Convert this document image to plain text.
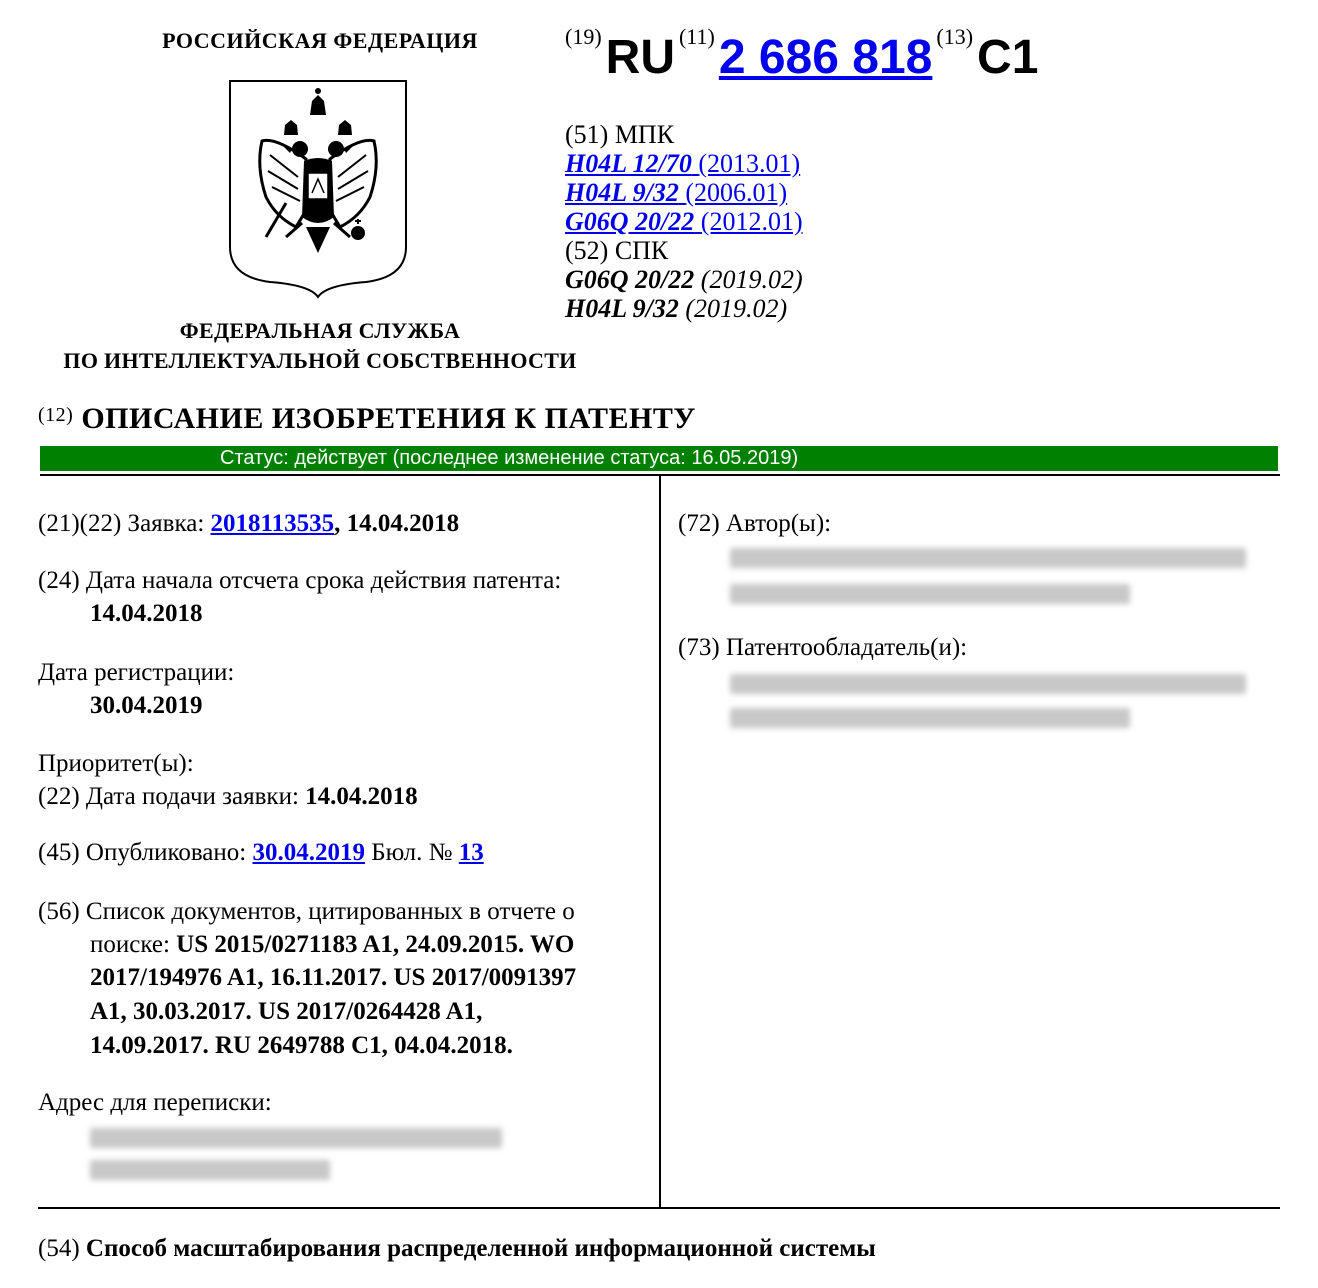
РОССИЙСКАЯ ФЕДЕРАЦИЯ
ФЕДЕРАЛЬНАЯ СЛУЖБА
ПО ИНТЕЛЛЕКТУАЛЬНОЙ СОБСТВЕННОСТИ
(19) RU (11) 2 686 818 (13) C1
(51) МПК
H04L 12/70 (2013.01)
H04L 9/32 (2006.01)
G06Q 20/22 (2012.01)
(52) СПК
G06Q 20/22 (2019.02)
H04L 9/32 (2019.02)
$^{(12)}$ ОПИСАНИЕ ИЗОБРЕТЕНИЯ К ПАТЕНТУ
Статус: действует (последнее изменение статуса: 16.05.2019)
(21)(22) Заявка: 2018113535, 14.04.2018
(24) Дата начала отсчета срока действия патента:
14.04.2018
Дата регистрации:
30.04.2019
Приоритет(ы):
(22) Дата подачи заявки: 14.04.2018
(45) Опубликовано: 30.04.2019 Бюл. № 13
(56) Список документов, цитированных в отчете о
поиске: US 2015/0271183 A1, 24.09.2015. WO
2017/194976 A1, 16.11.2017. US 2017/0091397
A1, 30.03.2017. US 2017/0264428 A1,
14.09.2017. RU 2649788 C1, 04.04.2018.
Адрес для переписки:
(72) Автор(ы):
(73) Патентообладатель(и):
(54) Способ масштабирования распределенной информационной системы
